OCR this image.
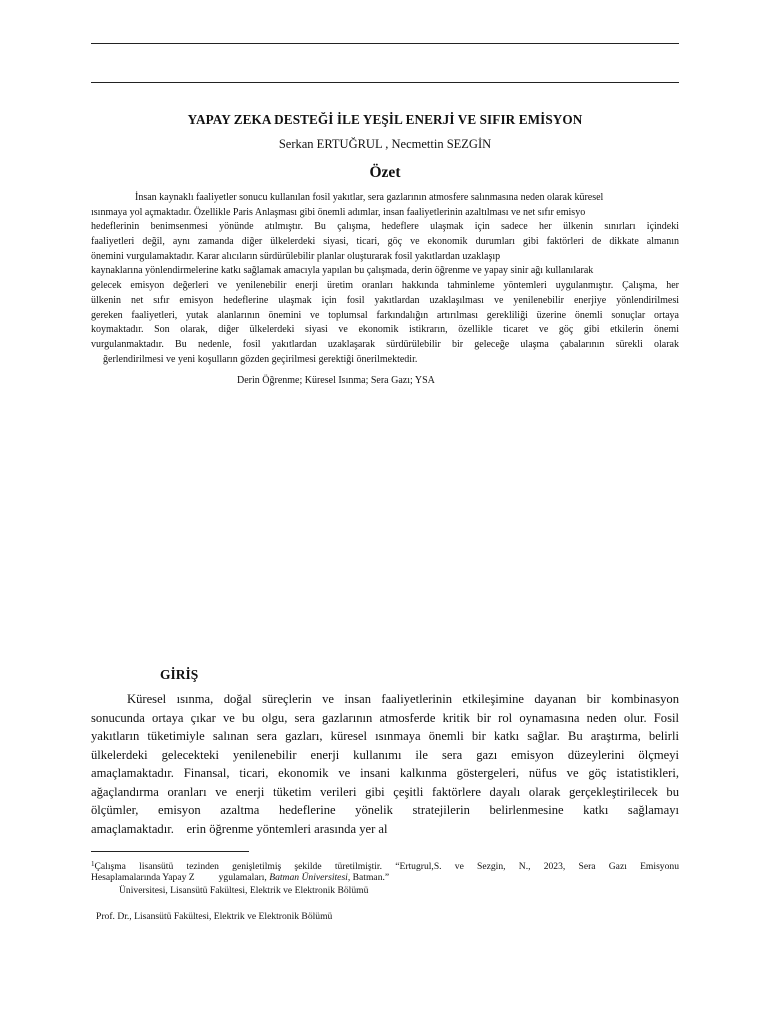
YAPAY ZEKA DESTEĞİ İLE YEŞİL ENERJİ VE SIFIR EMİSYON
Serkan ERTUĞRUL , Necmettin SEZGİN
Özet
İnsan kaynaklı faaliyetler sonucu kullanılan fosil yakıtlar, sera gazlarının atmosfere salınmasına neden olarak küresel
ısınmaya yol açmaktadır. Özellikle Paris Anlaşması gibi önemli adımlar, insan faaliyetlerinin azaltılması ve net sıfır emisyo
hedeflerinin benimsenmesi yönünde atılmıştır. Bu çalışma, hedeflere ulaşmak için sadece her ülkenin sınırları içindeki
faaliyetleri değil, aynı zamanda diğer ülkelerdeki siyasi, ticari, göç ve ekonomik durumları gibi faktörleri de dikkate almanın
önemini vurgulamaktadır. Karar alıcıların sürdürülebilir planlar oluşturarak fosil yakıtlardan uzaklaşıp
kaynaklarına yönlendirmelerine katkı sağlamak amacıyla yapılan bu çalışmada, derin öğrenme ve yapay sinir ağı kullanılarak
gelecek emisyon değerleri ve yenilenebilir enerji üretim oranları hakkında tahminleme yöntemleri uygulanmıştır. Çalışma, her
ülkenin net sıfır emisyon hedeflerine ulaşmak için fosil yakıtlardan uzaklaşılması ve yenilenebilir enerjiye yönlendirilmesi
gereken faaliyetleri, yutak alanlarının önemini ve toplumsal farkındalığın artırılması gerekliliği üzerine önemli sonuçlar ortaya
koymaktadır. Son olarak, diğer ülkelerdeki siyasi ve ekonomik istikrarın, özellikle ticaret ve göç gibi etkilerin önemi
vurgulanmaktadır. Bu nedenle, fosil yakıtlardan uzaklaşarak sürdürülebilir bir geleceğe ulaşma çabalarının sürekli olarak
ğerlendirilmesi ve yeni koşulların gözden geçirilmesi gerektiği önerilmektedir.
Derin Öğrenme; Küresel Isınma; Sera Gazı; YSA
GİRİŞ
Küresel ısınma, doğal süreçlerin ve insan faaliyetlerinin etkileşimine dayanan bir kombinasyon
sonucunda ortaya çıkar ve bu olgu, sera gazlarının atmosferde kritik bir rol oynamasına neden olur. Fosil
yakıtların tüketimiyle salınan sera gazları, küresel ısınmaya önemli bir katkı sağlar. Bu araştırma, belirli
ülkelerdeki gelecekteki yenilenebilir enerji kullanımı ile sera gazı emisyon düzeylerini ölçmeyi
amaçlamaktadır. Finansal, ticari, ekonomik ve insani kalkınma göstergeleri, nüfus ve göç istatistikleri,
ağaçlandırma oranları ve enerji tüketim verileri gibi çeşitli faktörlere dayalı olarak gerçekleştirilecek bu
ölçümler, emisyon azaltma hedeflerine yönelik stratejilerin belirlenmesine katkı sağlamayı
amaçlamaktadır.    erin öğrenme yöntemleri arasında yer al
$^1$Çalışma lisansütü tezinden genişletilmiş şekilde türetilmiştir. “Ertugrul,S. ve Sezgin, N., 2023, Sera Gazı Emisyonu
Hesaplamalarında Yapay Z          ygulamaları, Batman Üniversitesi, Batman.”
Üniversitesi, Lisansütü Fakültesi, Elektrik ve Elektronik Bölümü
Prof. Dr., Lisansütü Fakültesi, Elektrik ve Elektronik Bölümü
